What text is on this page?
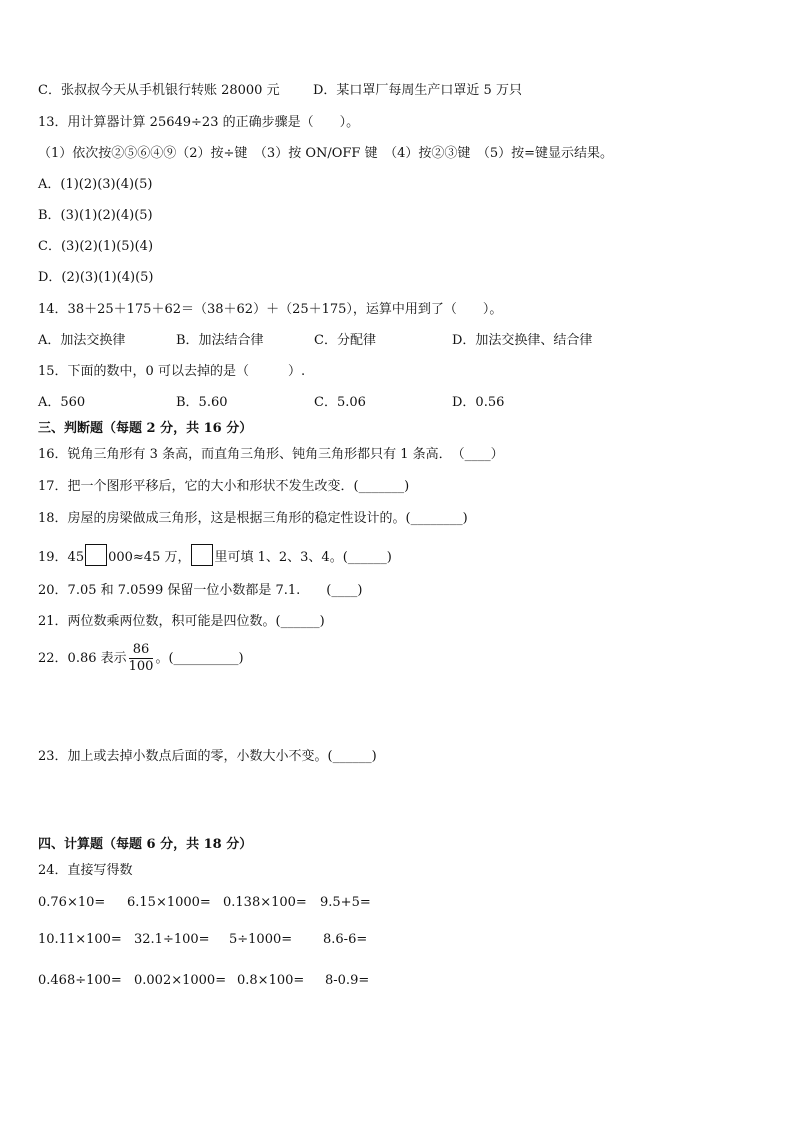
C．张叔叔今天从手机银行转账 28000 元	D．某口罩厂每周生产口罩近 5 万只
13．用计算器计算 25649÷23 的正确步骤是（　　）。
（1）依次按②⑤⑥④⑨（2）按÷键　（3）按 ON/OFF 键　（4）按②③键　（5）按=键显示结果。
A．(1)(2)(3)(4)(5)
B．(3)(1)(2)(4)(5)
C．(3)(2)(1)(5)(4)
D．(2)(3)(1)(4)(5)
14．38＋25＋175＋62＝（38＋62）＋（25＋175），运算中用到了（　　）。
A．加法交换律	B．加法结合律	C．分配律	D．加法交换律、结合律
15．下面的数中，0 可以去掉的是（　　　）.
A．560	B．5.60	C．5.06	D．0.56
三、判断题（每题 2 分，共 16 分）
16．锐角三角形有 3 条高，而直角三角形、钝角三角形都只有 1 条高．　（____）
17．把一个图形平移后，它的大小和形状不发生改变．(_______)
18．房屋的房梁做成三角形，这是根据三角形的稳定性设计的。(________)
19．45 000≈45 万， 里可填 1、2、3、4。(______)
20．7.05 和 7.0599 保留一位小数都是 7.1.　　(____)
21．两位数乘两位数，积可能是四位数。(______)
22．0.86 表示 $\frac{86}{100}$ 。(__________)
23．加上或去掉小数点后面的零，小数大小不变。(______)
四、计算题（每题 6 分，共 18 分）
24．直接写得数
0.76×10= 6.15×1000= 0.138×100= 9.5+5=
10.11×100= 32.1÷100= 5÷1000= 8.6-6=
0.468÷100= 0.002×1000= 0.8×100= 8-0.9=
